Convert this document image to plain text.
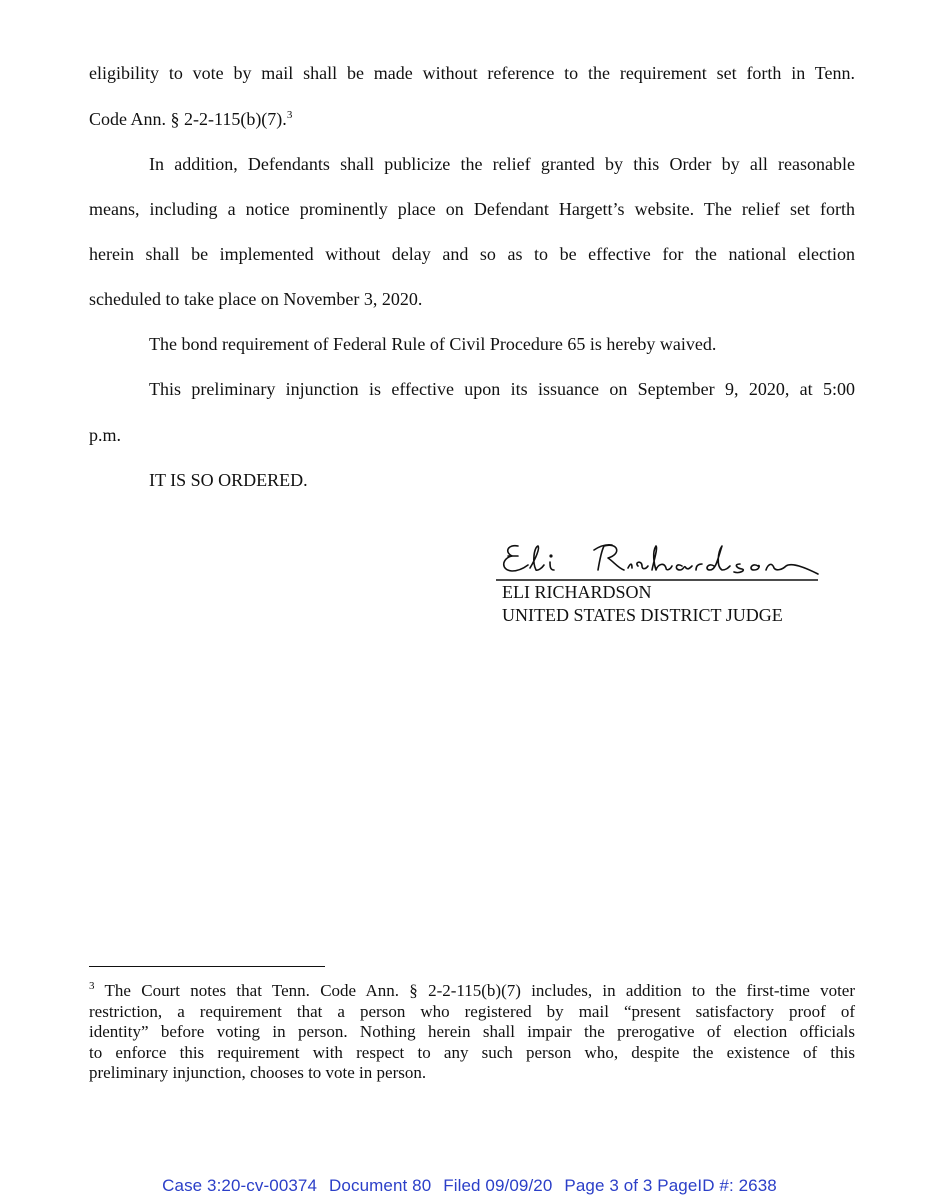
eligibility to vote by mail shall be made without reference to the requirement set forth in Tenn.
Code Ann. § 2-2-115(b)(7).$^3$
In addition, Defendants shall publicize the relief granted by this Order by all reasonable
means, including a notice prominently place on Defendant Hargett’s website. The relief set forth
herein shall be implemented without delay and so as to be effective for the national election
scheduled to take place on November 3, 2020.
The bond requirement of Federal Rule of Civil Procedure 65 is hereby waived.
This preliminary injunction is effective upon its issuance on September 9, 2020, at 5:00
p.m.
IT IS SO ORDERED.
ELI RICHARDSON
UNITED STATES DISTRICT JUDGE
$^3$ The Court notes that Tenn. Code Ann. § 2-2-115(b)(7) includes, in addition to the first-time voter
restriction, a requirement that a person who registered by mail “present satisfactory proof of
identity” before voting in person. Nothing herein shall impair the prerogative of election officials
to enforce this requirement with respect to any such person who, despite the existence of this
preliminary injunction, chooses to vote in person.
Case 3:20-cv-00374 Document 80 Filed 09/09/20 Page 3 of 3 PageID #: 2638
